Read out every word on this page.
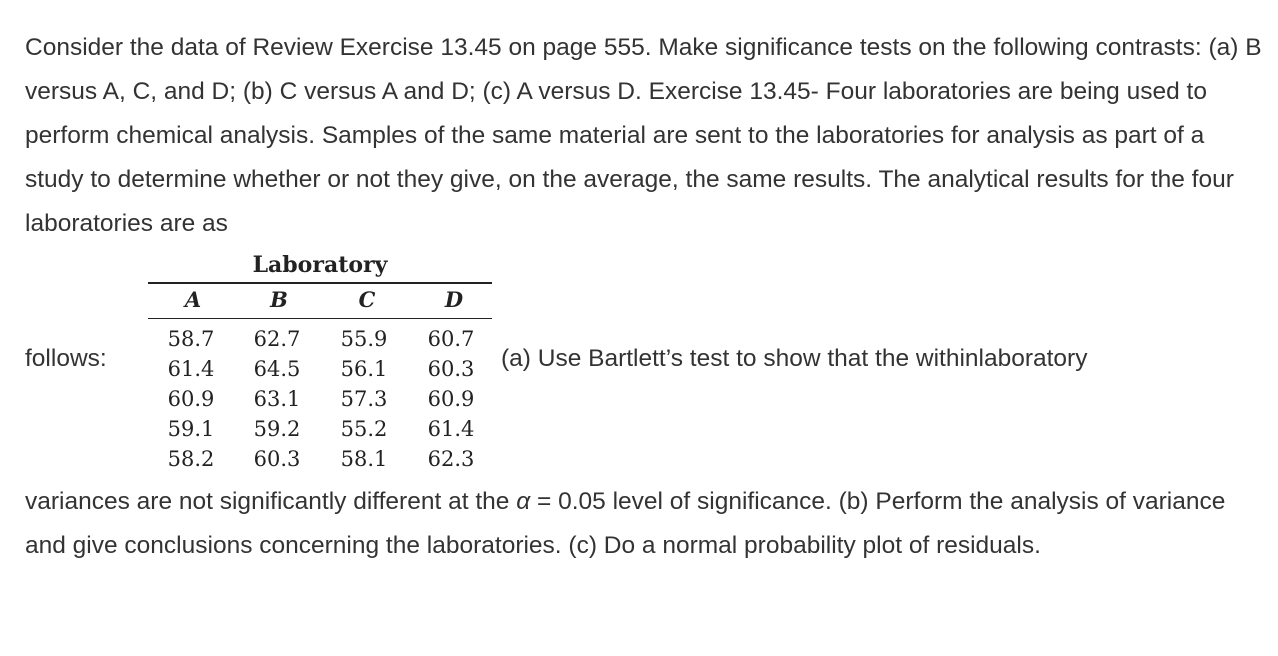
Consider the data of Review Exercise 13.45 on page 555. Make significance tests on the following contrasts: (a) B versus A, C, and D; (b) C versus A and D; (c) A versus D. Exercise 13.45- Four laboratories are being used to perform chemical analysis. Samples of the same material are sent to the laboratories for analysis as part of a study to determine whether or not they give, on the average, the same results. The analytical results for the four laboratories are as

follows:
Laboratory
A	B	C	D
58.7	62.7	55.9	60.7
61.4	64.5	56.1	60.3
60.9	63.1	57.3	60.9
59.1	59.2	55.2	61.4
58.2	60.3	58.1	62.3
(a) Use Bartlett’s test to show that the withinlaboratory

variances are not significantly different at the α = 0.05 level of significance. (b) Perform the analysis of variance and give conclusions concerning the laboratories. (c) Do a normal probability plot of residuals.
